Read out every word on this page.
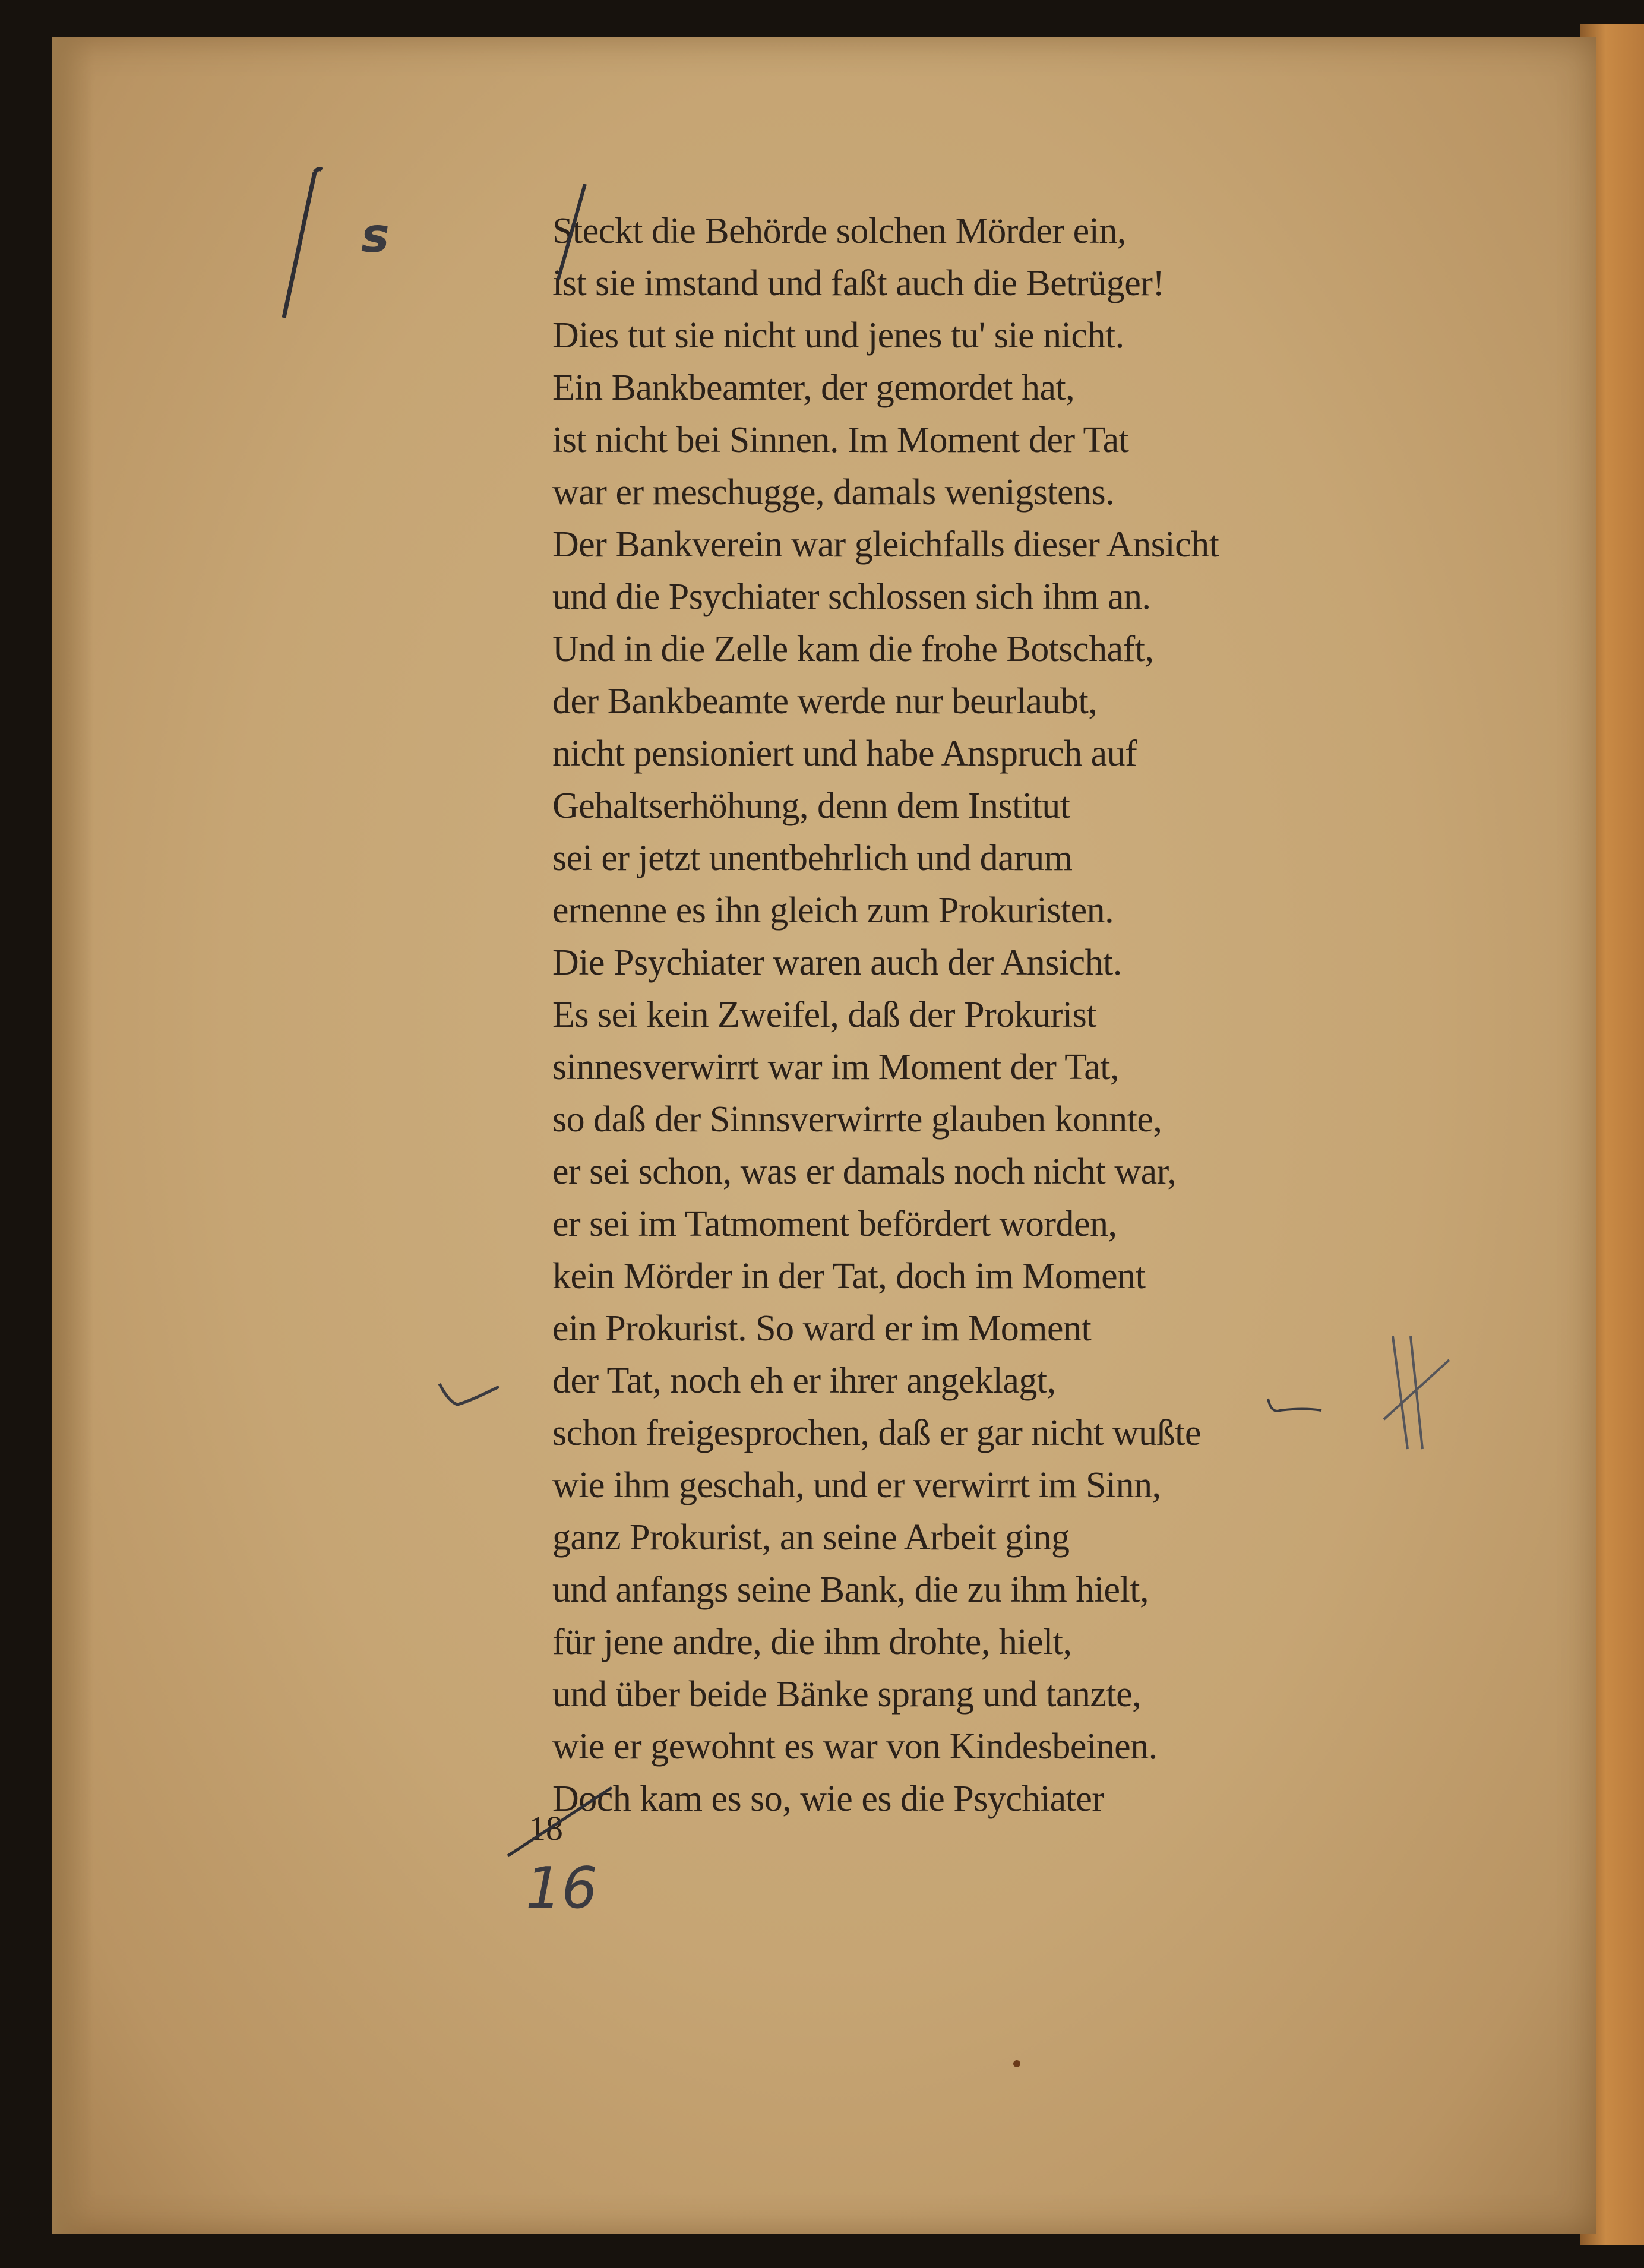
Steckt die Behörde solchen Mörder ein,
ist sie imstand und faßt auch die Betrüger!
Dies tut sie nicht und jenes tu' sie nicht.
Ein Bankbeamter, der gemordet hat,
ist nicht bei Sinnen. Im Moment der Tat
war er meschugge, damals wenigstens.
Der Bankverein war gleichfalls dieser Ansicht
und die Psychiater schlossen sich ihm an.
Und in die Zelle kam die frohe Botschaft,
der Bankbeamte werde nur beurlaubt,
nicht pensioniert und habe Anspruch auf
Gehaltserhöhung, denn dem Institut
sei er jetzt unentbehrlich und darum
ernenne es ihn gleich zum Prokuristen.
Die Psychiater waren auch der Ansicht.
Es sei kein Zweifel, daß der Prokurist
sinnesverwirrt war im Moment der Tat,
so daß der Sinnsverwirrte glauben konnte,
er sei schon, was er damals noch nicht war,
er sei im Tatmoment befördert worden,
kein Mörder in der Tat, doch im Moment
ein Prokurist. So ward er im Moment
der Tat, noch eh er ihrer angeklagt,
schon freigesprochen, daß er gar nicht wußte
wie ihm geschah, und er verwirrt im Sinn,
ganz Prokurist, an seine Arbeit ging
und anfangs seine Bank, die zu ihm hielt,
für jene andre, die ihm drohte, hielt,
und über beide Bänke sprang und tanzte,
wie er gewohnt es war von Kindesbeinen.
Doch kam es so, wie es die Psychiater
18
16
s
